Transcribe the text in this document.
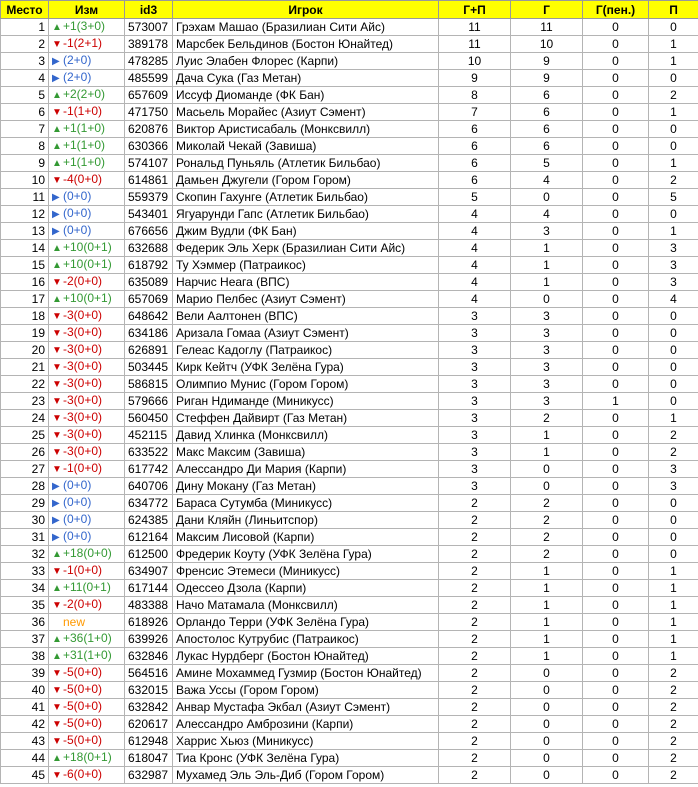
Место	Изм	id3	Игрок	Г+П	Г	Г(пен.)	П
1	▲+1(3+0)	573007	Грэхам Машао (Бразилиан Сити Айс)	11	11	0	0
2	▼-1(2+1)	389178	Марсбек Бельдинов (Бостон Юнайтед)	11	10	0	1
3	▶ (2+0)	478285	Луис Элабен Флорес (Карпи)	10	9	0	1
4	▶ (2+0)	485599	Дача Сука (Газ Метан)	9	9	0	0
5	▲+2(2+0)	657609	Иссуф Диоманде (ФК Бан)	8	6	0	2
6	▼-1(1+0)	471750	Масьель Морайес (Азиут Сэмент)	7	6	0	1
7	▲+1(1+0)	620876	Виктор Аристисабаль (Монксвилл)	6	6	0	0
8	▲+1(1+0)	630366	Миколай Чекай (Завиша)	6	6	0	0
9	▲+1(1+0)	574107	Рональд Пуньяль (Атлетик Бильбао)	6	5	0	1
10	▼-4(0+0)	614861	Дамьен Джугели (Гором Гором)	6	4	0	2
11	▶ (0+0)	559379	Скопин Гахунге (Атлетик Бильбао)	5	0	0	5
12	▶ (0+0)	543401	Ягуарунди Гапс (Атлетик Бильбао)	4	4	0	0
13	▶ (0+0)	676656	Джим Вудли (ФК Бан)	4	3	0	1
14	▲+10(0+1)	632688	Федерик Эль Херк (Бразилиан Сити Айс)	4	1	0	3
15	▲+10(0+1)	618792	Ту Хэммер (Патраикос)	4	1	0	3
16	▼-2(0+0)	635089	Нарчис Неага (ВПС)	4	1	0	3
17	▲+10(0+1)	657069	Марио Пелбес (Азиут Сэмент)	4	0	0	4
18	▼-3(0+0)	648642	Вели Аалтонен (ВПС)	3	3	0	0
19	▼-3(0+0)	634186	Аризала Гомаа (Азиут Сэмент)	3	3	0	0
20	▼-3(0+0)	626891	Гелеас Кадоглу (Патраикос)	3	3	0	0
21	▼-3(0+0)	503445	Кирк Кейтч (УФК Зелёна Гура)	3	3	0	0
22	▼-3(0+0)	586815	Олимпио Мунис (Гором Гором)	3	3	0	0
23	▼-3(0+0)	579666	Риган Ндиманде (Миникусс)	3	3	1	0
24	▼-3(0+0)	560450	Стеффен Дайвирт (Газ Метан)	3	2	0	1
25	▼-3(0+0)	452115	Давид Хлинка (Монксвилл)	3	1	0	2
26	▼-3(0+0)	633522	Макс Максим (Завиша)	3	1	0	2
27	▼-1(0+0)	617742	Алессандро Ди Мария (Карпи)	3	0	0	3
28	▶ (0+0)	640706	Дину Мокану (Газ Метан)	3	0	0	3
29	▶ (0+0)	634772	Бараса Сутумба (Миникусс)	2	2	0	0
30	▶ (0+0)	624385	Дани Кляйн (Линьитспор)	2	2	0	0
31	▶ (0+0)	612164	Максим Лисовой (Карпи)	2	2	0	0
32	▲+18(0+0)	612500	Фредерик Коуту (УФК Зелёна Гура)	2	2	0	0
33	▼-1(0+0)	634907	Френсис Этемеси (Миникусс)	2	1	0	1
34	▲+11(0+1)	617144	Одессео Дзола (Карпи)	2	1	0	1
35	▼-2(0+0)	483388	Начо Матамала (Монксвилл)	2	1	0	1
36	new	618926	Орландо Терри (УФК Зелёна Гура)	2	1	0	1
37	▲+36(1+0)	639926	Апостолос Кутрубис (Патраикос)	2	1	0	1
38	▲+31(1+0)	632846	Лукас Нурдберг (Бостон Юнайтед)	2	1	0	1
39	▼-5(0+0)	564516	Амине Мохаммед Гузмир (Бостон Юнайтед)	2	0	0	2
40	▼-5(0+0)	632015	Важа Уссы (Гором Гором)	2	0	0	2
41	▼-5(0+0)	632842	Анвар Мустафа Экбал (Азиут Сэмент)	2	0	0	2
42	▼-5(0+0)	620617	Алессандро Амброзини (Карпи)	2	0	0	2
43	▼-5(0+0)	612948	Харрис Хьюз (Миникусс)	2	0	0	2
44	▲+18(0+1)	618047	Тиа Кронс (УФК Зелёна Гура)	2	0	0	2
45	▼-6(0+0)	632987	Мухамед Эль Эль-Диб (Гором Гором)	2	0	0	2
